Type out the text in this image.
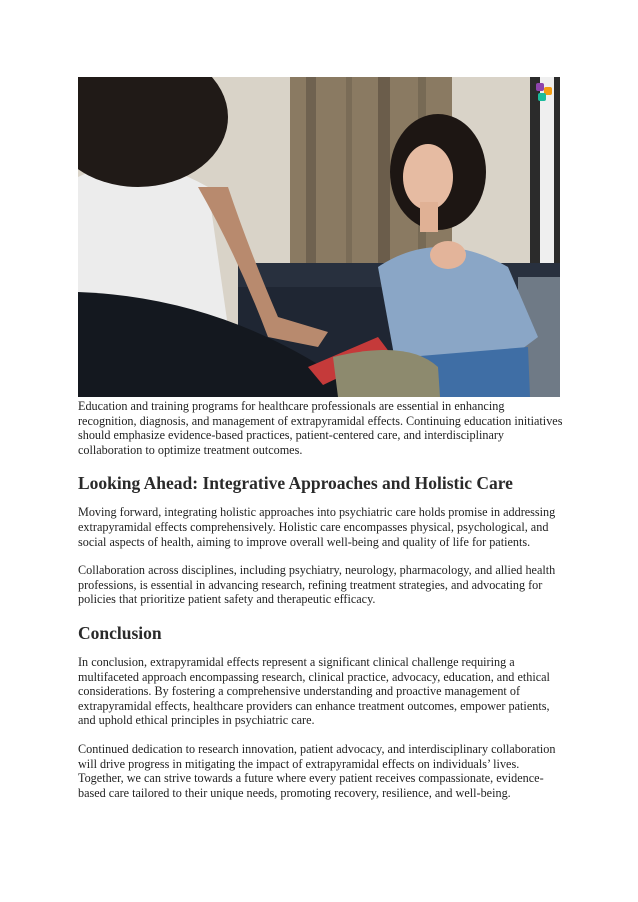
Education and training programs for healthcare professionals are essential in enhancing recognition, diagnosis, and management of extrapyramidal effects. Continuing education initiatives should emphasize evidence-based practices, patient-centered care, and interdisciplinary collaboration to optimize treatment outcomes.

Looking Ahead: Integrative Approaches and Holistic Care

Moving forward, integrating holistic approaches into psychiatric care holds promise in addressing extrapyramidal effects comprehensively. Holistic care encompasses physical, psychological, and social aspects of health, aiming to improve overall well-being and quality of life for patients.

Collaboration across disciplines, including psychiatry, neurology, pharmacology, and allied health professions, is essential in advancing research, refining treatment strategies, and advocating for policies that prioritize patient safety and therapeutic efficacy.

Conclusion

In conclusion, extrapyramidal effects represent a significant clinical challenge requiring a multifaceted approach encompassing research, clinical practice, advocacy, education, and ethical considerations. By fostering a comprehensive understanding and proactive management of extrapyramidal effects, healthcare providers can enhance treatment outcomes, empower patients, and uphold ethical principles in psychiatric care.

Continued dedication to research innovation, patient advocacy, and interdisciplinary collaboration will drive progress in mitigating the impact of extrapyramidal effects on individuals’ lives. Together, we can strive towards a future where every patient receives compassionate, evidence-based care tailored to their unique needs, promoting recovery, resilience, and well-being.
